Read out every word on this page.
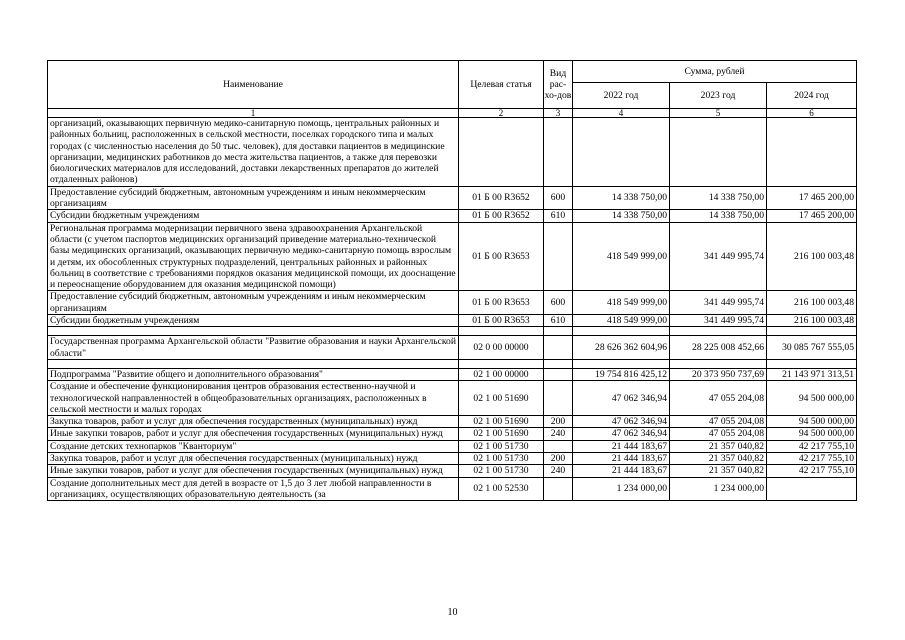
Наименование	Целевая статья	Вид рас-хо-дов	Сумма, рублей		
			2022 год	2023 год	2024 год
1	2	3	4	5	6
организаций, оказывающих первичную медико-санитарную помощь, центральных районных и районных больниц, расположенных в сельской местности, поселках городского типа и малых городах (с численностью населения до 50 тыс. человек), для доставки пациентов в медицинские организации, медицинских работников до места жительства пациентов, а также для перевозки биологических материалов для исследований, доставки лекарственных препаратов до жителей отдаленных районов)					
Предоставление субсидий бюджетным, автономным учреждениям и иным некоммерческим организациям	01 Б 00 R3652	600	14 338 750,00	14 338 750,00	17 465 200,00
Субсидии бюджетным учреждениям	01 Б 00 R3652	610	14 338 750,00	14 338 750,00	17 465 200,00
Региональная программа модернизации первичного звена здравоохранения Архангельской области (с учетом паспортов медицинских организаций приведение материально-технической базы медицинских организаций, оказывающих первичную медико-санитарную помощь взрослым и детям, их обособленных структурных подразделений, центральных районных и районных больниц в соответствие с требованиями порядков оказания медицинской помощи, их дооснащение и переоснащение оборудованием для оказания медицинской помощи)	01 Б 00 R3653		418 549 999,00	341 449 995,74	216 100 003,48
Предоставление субсидий бюджетным, автономным учреждениям и иным некоммерческим организациям	01 Б 00 R3653	600	418 549 999,00	341 449 995,74	216 100 003,48
Субсидии бюджетным учреждениям	01 Б 00 R3653	610	418 549 999,00	341 449 995,74	216 100 003,48

Государственная программа Архангельской области "Развитие образования и науки Архангельской области"	02 0 00 00000		28 626 362 604,96	28 225 008 452,66	30 085 767 555,05

Подпрограмма "Развитие общего и дополнительного образования"	02 1 00 00000		19 754 816 425,12	20 373 950 737,69	21 143 971 313,51
Создание и обеспечение функционирования центров образования естественно-научной и технологической направленностей в общеобразовательных организациях, расположенных в сельской местности и малых городах	02 1 00 51690		47 062 346,94	47 055 204,08	94 500 000,00
Закупка товаров, работ и услуг для обеспечения государственных (муниципальных) нужд	02 1 00 51690	200	47 062 346,94	47 055 204,08	94 500 000,00
Иные закупки товаров, работ и услуг для обеспечения государственных (муниципальных) нужд	02 1 00 51690	240	47 062 346,94	47 055 204,08	94 500 000,00
Создание детских технопарков "Кванториум"	02 1 00 51730		21 444 183,67	21 357 040,82	42 217 755,10
Закупка товаров, работ и услуг для обеспечения государственных (муниципальных) нужд	02 1 00 51730	200	21 444 183,67	21 357 040,82	42 217 755,10
Иные закупки товаров, работ и услуг для обеспечения государственных (муниципальных) нужд	02 1 00 51730	240	21 444 183,67	21 357 040,82	42 217 755,10
Создание дополнительных мест для детей в возрасте от 1,5 до 3 лет любой направленности в организациях, осуществляющих образовательную деятельность (за	02 1 00 52530		1 234 000,00	1 234 000,00	
10
